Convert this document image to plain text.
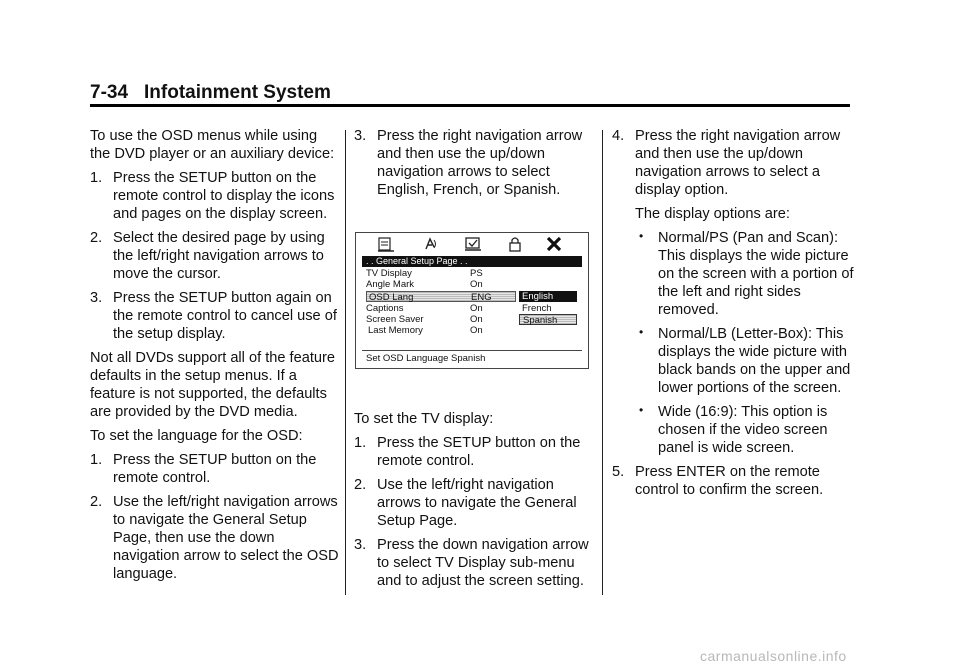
7-34 Infotainment System

To use the OSD menus while using the DVD player or an auxiliary device:

1. Press the SETUP button on the remote control to display the icons and pages on the display screen.
2. Select the desired page by using the left/right navigation arrows to move the cursor.
3. Press the SETUP button again on the remote control to cancel use of the setup display.

Not all DVDs support all of the feature defaults in the setup menus. If a feature is not supported, the defaults are provided by the DVD media.

To set the language for the OSD:

1. Press the SETUP button on the remote control.
2. Use the left/right navigation arrows to navigate the General Setup Page, then use the down navigation arrow to select the OSD language.
3. Press the right navigation arrow and then use the up/down navigation arrows to select English, French, or Spanish.

To set the TV display:

1. Press the SETUP button on the remote control.
2. Use the left/right navigation arrows to navigate the General Setup Page.
3. Press the down navigation arrow to select TV Display sub-menu and to adjust the screen setting.
. . General Setup Page . .
TV Display	PS
Angle Mark	On
OSD Lang	ENG
Captions	On
Screen Saver	On
Last Memory	On
English
French
Spanish
Set OSD Language Spanish
4. Press the right navigation arrow and then use the up/down navigation arrows to select a display option.
The display options are:
• Normal/PS (Pan and Scan): This displays the wide picture on the screen with a portion of the left and right sides removed.
• Normal/LB (Letter-Box): This displays the wide picture with black bands on the upper and lower portions of the screen.
• Wide (16:9): This option is chosen if the video screen panel is wide screen.
5. Press ENTER on the remote control to confirm the screen.
carmanualsonline.info
